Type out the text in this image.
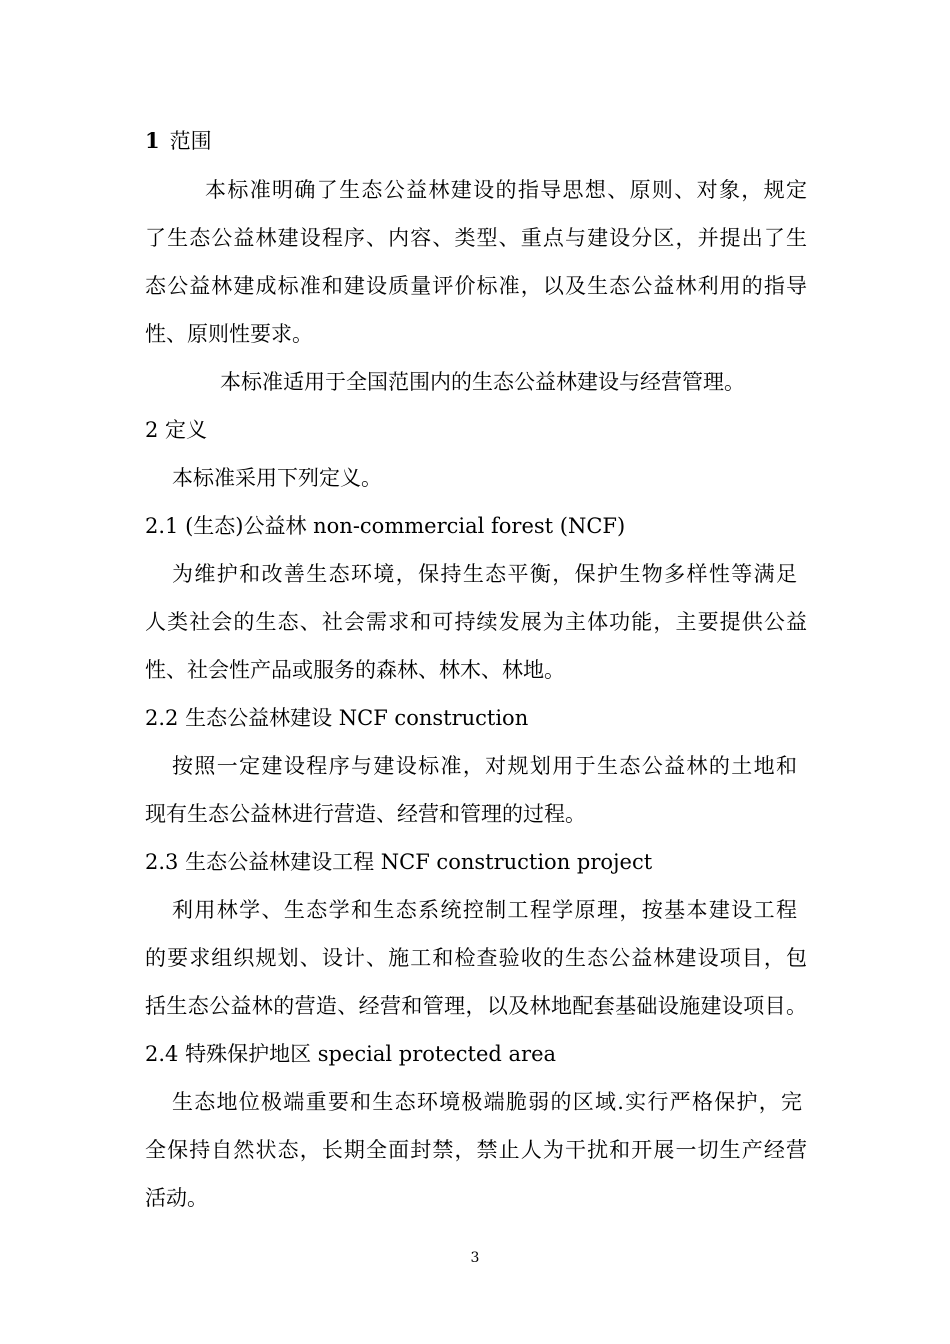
1 范围
本标准明确了生态公益林建设的指导思想、原则、对象，规定
了生态公益林建设程序、内容、类型、重点与建设分区，并提出了生
态公益林建成标准和建设质量评价标准，以及生态公益林利用的指导
性、原则性要求。
本标准适用于全国范围内的生态公益林建设与经营管理。
2 定义
本标准采用下列定义。
2.1 (生态)公益林 non-commercial forest (NCF)
为维护和改善生态环境，保持生态平衡，保护生物多样性等满足
人类社会的生态、社会需求和可持续发展为主体功能，主要提供公益
性、社会性产品或服务的森林、林木、林地。
2.2 生态公益林建设 NCF construction
按照一定建设程序与建设标准，对规划用于生态公益林的土地和
现有生态公益林进行营造、经营和管理的过程。
2.3 生态公益林建设工程 NCF construction project
利用林学、生态学和生态系统控制工程学原理，按基本建设工程
的要求组织规划、设计、施工和检查验收的生态公益林建设项目，包
括生态公益林的营造、经营和管理，以及林地配套基础设施建设项目。
2.4 特殊保护地区 special protected area
生态地位极端重要和生态环境极端脆弱的区域.实行严格保护，完
全保持自然状态，长期全面封禁，禁止人为干扰和开展一切生产经营
活动。
3
